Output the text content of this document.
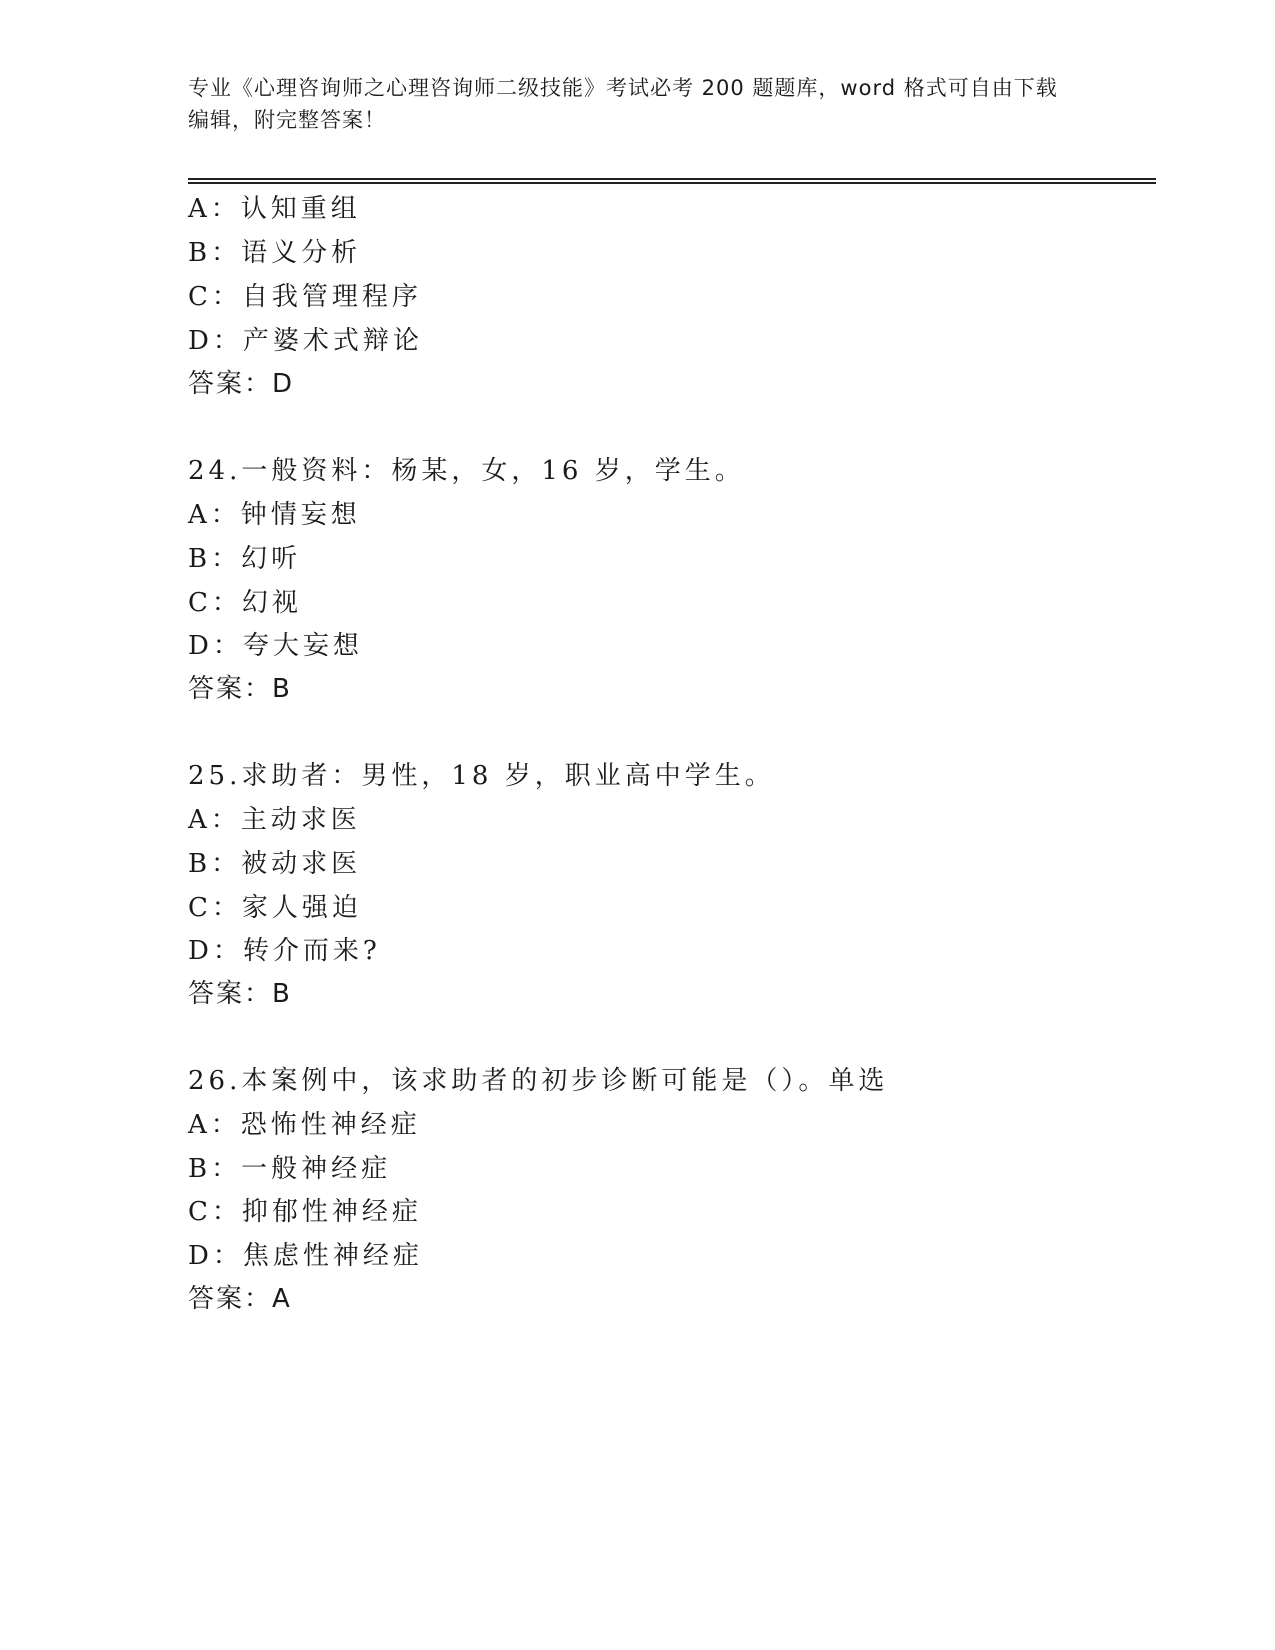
专业《心理咨询师之心理咨询师二级技能》考试必考 200 题题库，word 格式可自由下载编辑，附完整答案！
A：认知重组
B：语义分析
C：自我管理程序
D：产婆术式辩论
答案：D
24.一般资料：杨某，女，16 岁，学生。
A：钟情妄想
B：幻听
C：幻视
D：夸大妄想
答案：B
25.求助者：男性，18 岁，职业高中学生。
A：主动求医
B：被动求医
C：家人强迫
D：转介而来?
答案：B
26.本案例中，该求助者的初步诊断可能是（）。单选
A：恐怖性神经症
B：一般神经症
C：抑郁性神经症
D：焦虑性神经症
答案：A
